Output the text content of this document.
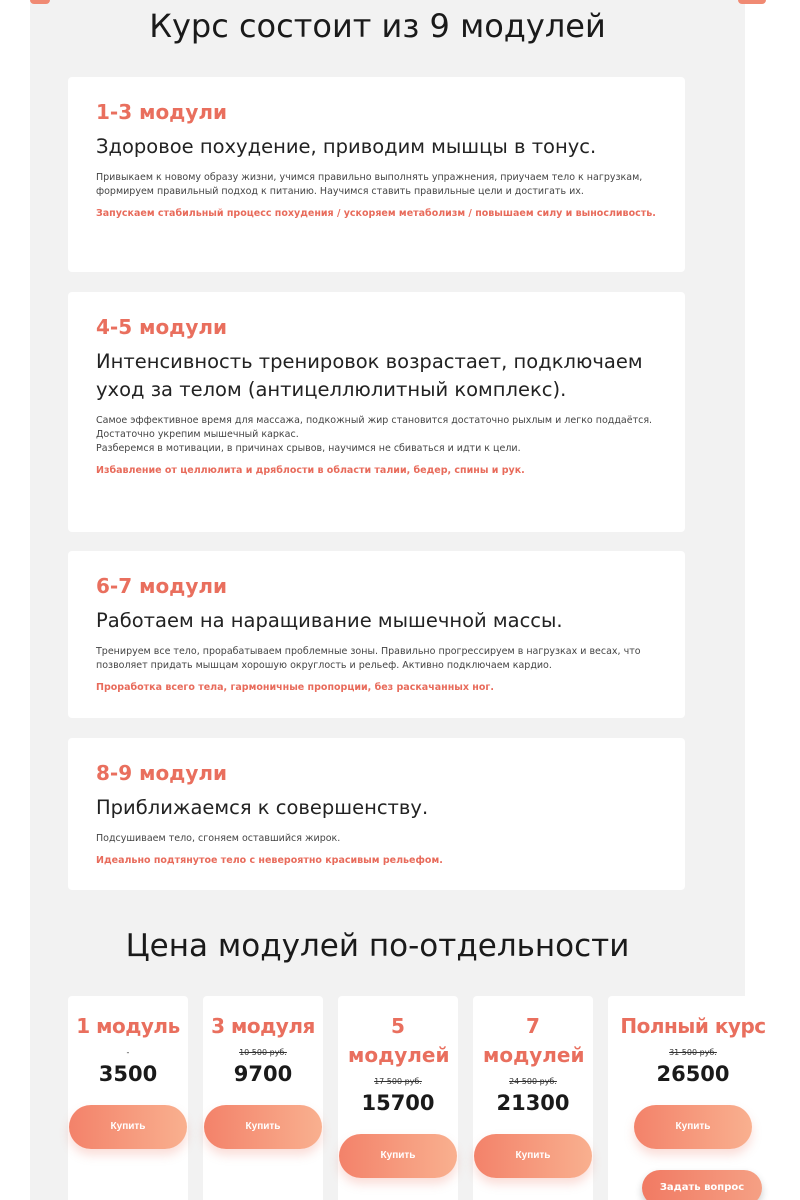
Курс состоит из 9 модулей
1-3 модули
Здоровое похудение, приводим мышцы в тонус.
Привыкаем к новому образу жизни, учимся правильно выполнять упражнения, приучаем тело к нагрузкам, формируем правильный подход к питанию. Научимся ставить правильные цели и достигать их.
Запускаем стабильный процесс похудения / ускоряем метаболизм / повышаем силу и выносливость.
4-5 модули
Интенсивность тренировок возрастает, подключаем уход за телом (антицеллюлитный комплекс).
Самое эффективное время для массажа, подкожный жир становится достаточно рыхлым и легко поддаётся. Достаточно укрепим мышечный каркас.
Разберемся в мотивации, в причинах срывов, научимся не сбиваться и идти к цели.
Избавление от целлюлита и дряблости в области талии, бедер, спины и рук.
6-7 модули
Работаем на наращивание мышечной массы.
Тренируем все тело, прорабатываем проблемные зоны. Правильно прогрессируем в нагрузках и весах, что позволяет придать мышцам хорошую округлость и рельеф. Активно подключаем кардио.
Проработка всего тела, гармоничные пропорции, без раскачанных ног.
8-9 модули
Приближаемся к совершенству.
Подсушиваем тело, сгоняем оставшийся жирок.
Идеально подтянутое тело с невероятно красивым рельефом.
Цена модулей по-отдельности
1 модуль
-
3500
Купить
3 модуля
10 500 руб.
9700
Купить
5 модулей
17 500 руб.
15700
Купить
7 модулей
24 500 руб.
21300
Купить
Полный курс
31 500 руб.
26500
Купить
Задать вопрос
